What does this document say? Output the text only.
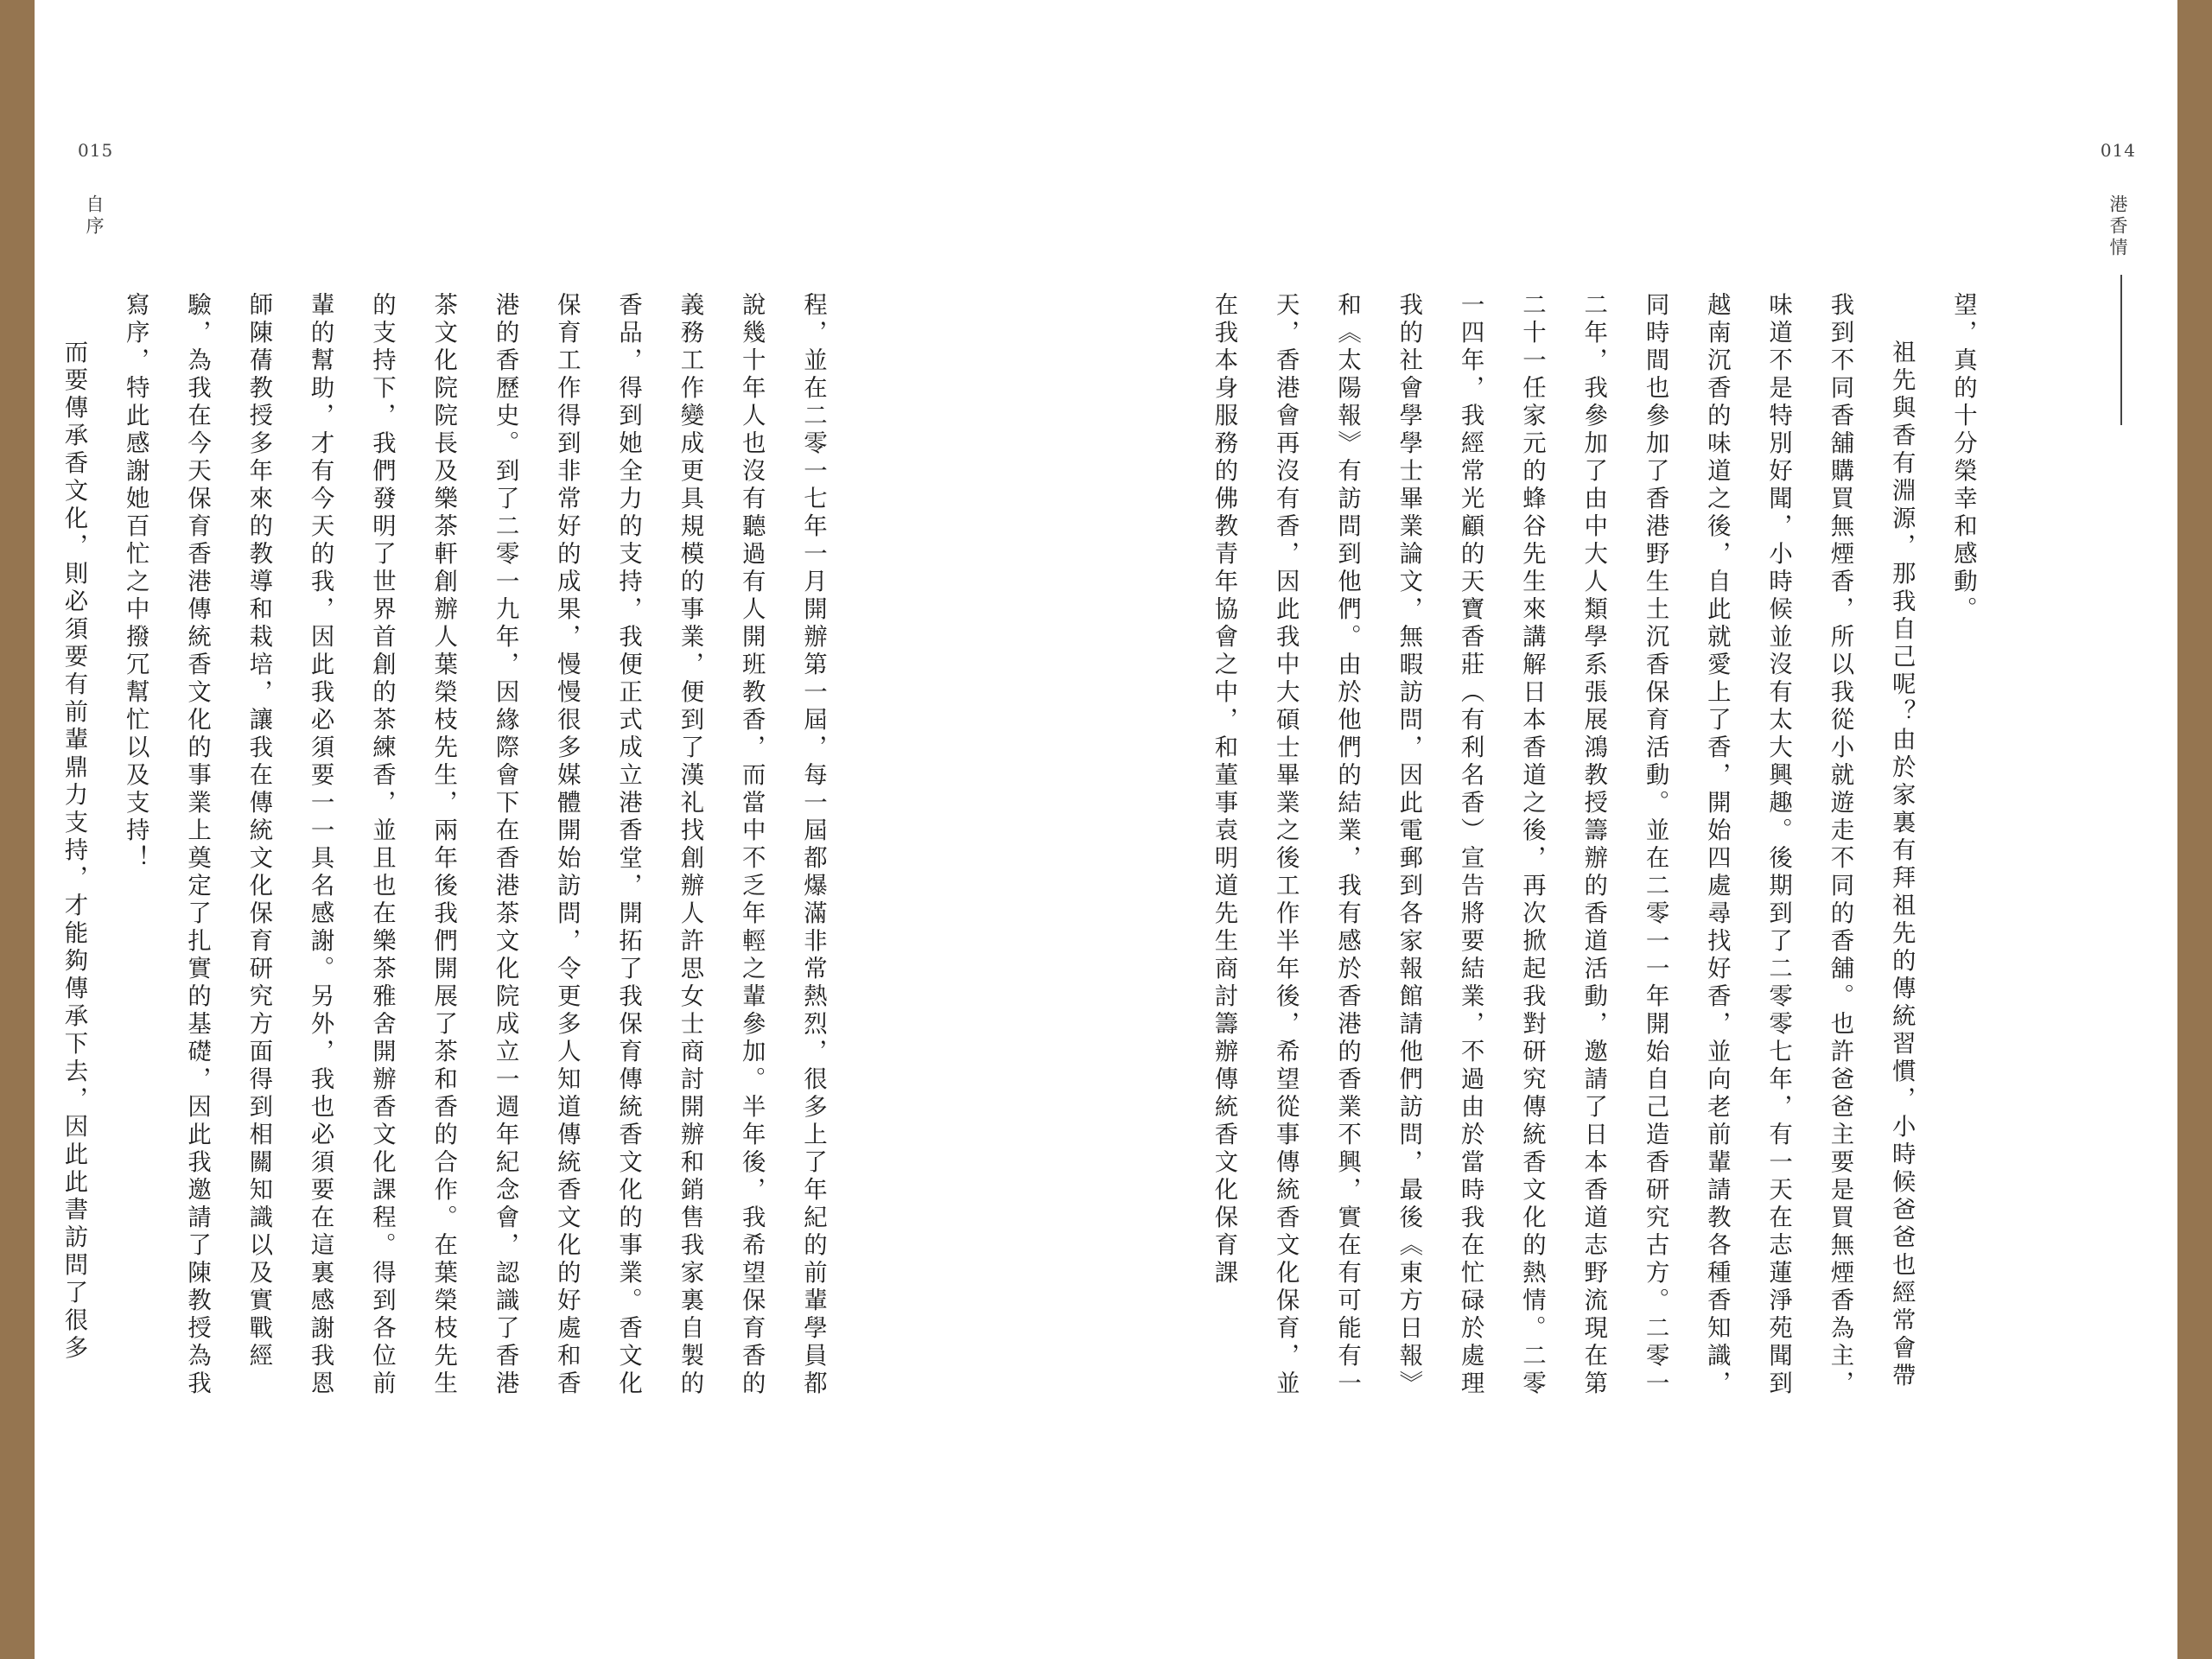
015
自序

程，並在二零一七年一月開辦第一屆，每一屆都爆滿非常熱烈，很多上了年紀的前輩學員都說幾十年人也沒有聽過有人開班教香，而當中不乏年輕之輩參加。半年後，我希望保育香的義務工作變成更具規模的事業，便到了漢礼找創辦人許思女士商討開辦和銷售我家裏自製的香品，得到她全力的支持，我便正式成立港香堂，開拓了我保育傳統香文化的事業。香文化保育工作得到非常好的成果，慢慢很多媒體開始訪問，令更多人知道傳統香文化的好處和香港的香歷史。到了二零一九年，因緣際會下在香港茶文化院成立一週年紀念會，認識了香港茶文化院院長及樂茶軒創辦人葉榮枝先生，兩年後我們開展了茶和香的合作。在葉榮枝先生的支持下，我們發明了世界首創的茶練香，並且也在樂茶雅舍開辦香文化課程。得到各位前輩的幫助，才有今天的我，因此我必須要一一具名感謝。另外，我也必須要在這裏感謝我恩師陳蒨教授多年來的教導和栽培，讓我在傳統文化保育研究方面得到相關知識以及實戰經驗，為我在今天保育香港傳統香文化的事業上奠定了扎實的基礎，因此我邀請了陳教授為我寫序，特此感謝她百忙之中撥冗幫忙以及支持！

而要傳承香文化，則必須要有前輩鼎力支持，才能夠傳承下去，因此此書訪問了很多

014
港香情

望，真的十分榮幸和感動。

祖先與香有淵源，那我自己呢？由於家裏有拜祖先的傳統習慣，小時候爸爸也經常會帶我到不同香舖購買無煙香，所以我從小就遊走不同的香舖。也許爸爸主要是買無煙香為主，味道不是特別好聞，小時候並沒有太大興趣。後期到了二零零七年，有一天在志蓮淨苑聞到越南沉香的味道之後，自此就愛上了香，開始四處尋找好香，並向老前輩請教各種香知識，同時間也參加了香港野生土沉香保育活動。並在二零一一年開始自己造香研究古方。二零一二年，我參加了由中大人類學系張展鴻教授籌辦的香道活動，邀請了日本香道志野流現在第二十一任家元的蜂谷先生來講解日本香道之後，再次掀起我對研究傳統香文化的熱情。二零一四年，我經常光顧的天寶香莊（有利名香）宣告將要結業，不過由於當時我在忙碌於處理我的社會學學士畢業論文，無暇訪問，因此電郵到各家報館請他們訪問，最後《東方日報》和《太陽報》有訪問到他們。由於他們的結業，我有感於香港的香業不興，實在有可能有一天，香港會再沒有香，因此我中大碩士畢業之後工作半年後，希望從事傳統香文化保育，並在我本身服務的佛教青年協會之中，和董事袁明道先生商討籌辦傳統香文化保育課
